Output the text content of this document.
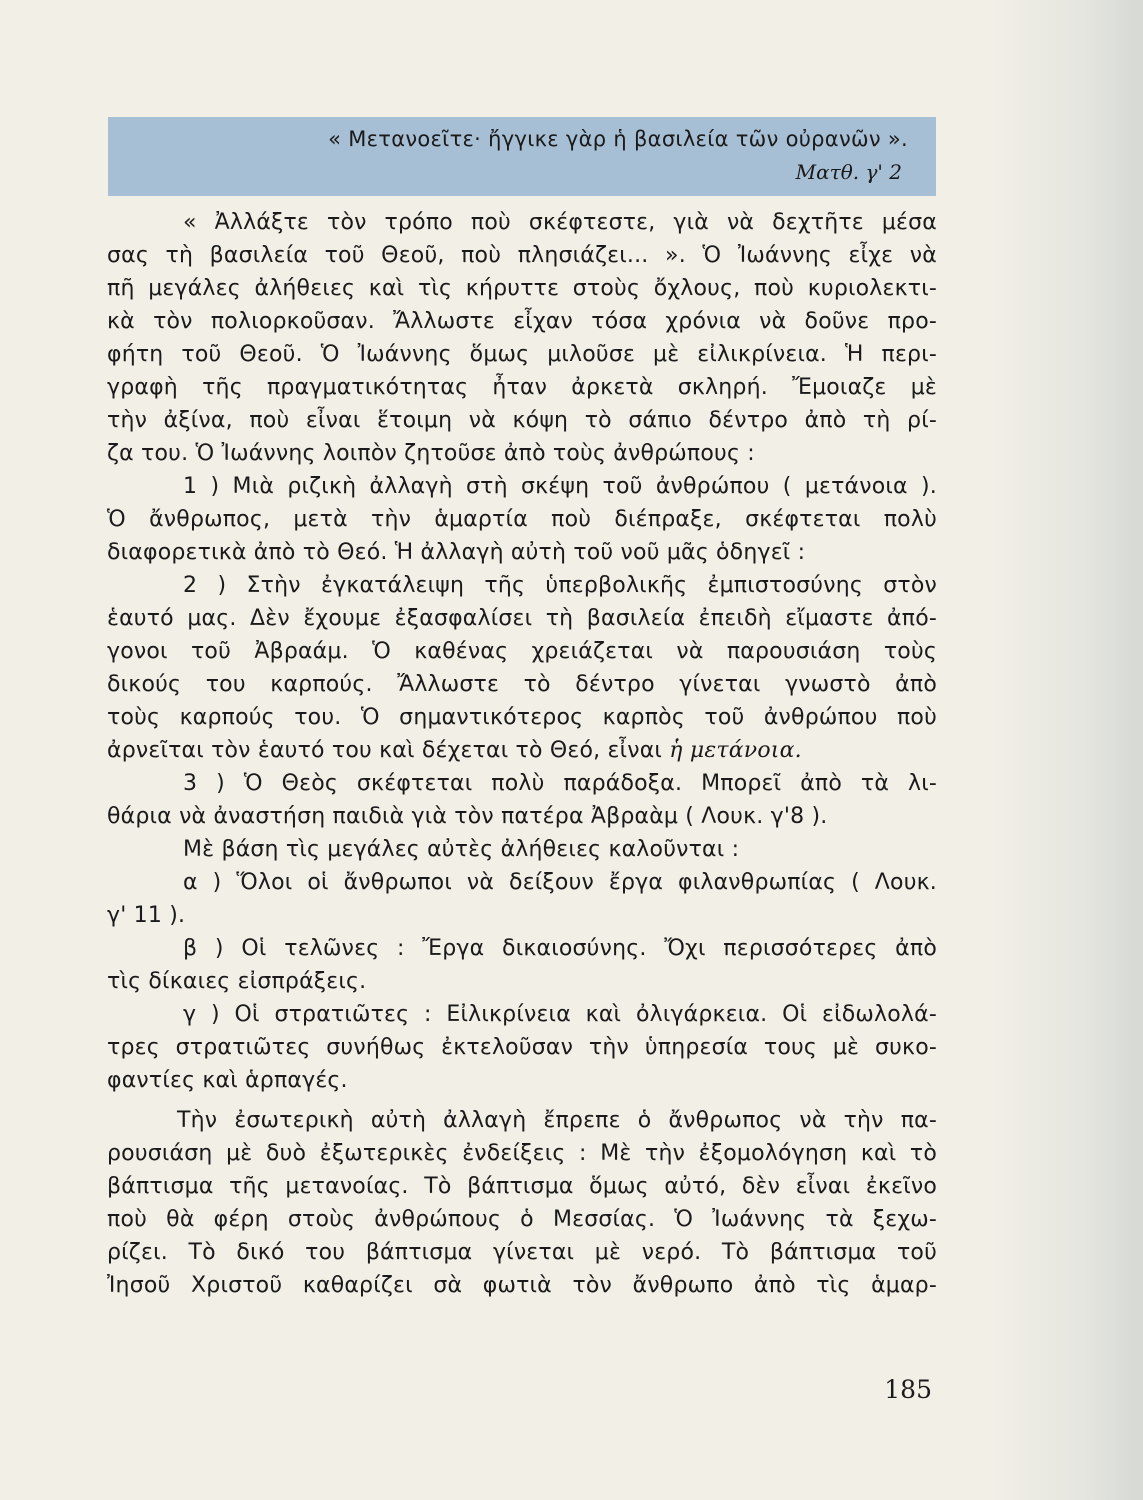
« Μετανοεῖτε· ἤγγικε γὰρ ἡ βασιλεία τῶν οὐρανῶν ».
Ματθ. γ' 2
« Ἀλλάξτε τὸν τρόπο ποὺ σκέφτεστε, γιὰ νὰ δεχτῆτε μέσα
σας τὴ βασιλεία τοῦ Θεοῦ, ποὺ πλησιάζει... ». Ὁ Ἰωάννης εἶχε νὰ
πῆ μεγάλες ἀλήθειες καὶ τὶς κήρυττε στοὺς ὄχλους, ποὺ κυριολεκτι-
κὰ τὸν πολιορκοῦσαν. Ἄλλωστε εἶχαν τόσα χρόνια νὰ δοῦνε προ-
φήτη τοῦ Θεοῦ. Ὁ Ἰωάννης ὅμως μιλοῦσε μὲ εἰλικρίνεια. Ἡ περι-
γραφὴ τῆς πραγματικότητας ἦταν ἀρκετὰ σκληρή. Ἔμοιαζε μὲ
τὴν ἀξίνα, ποὺ εἶναι ἕτοιμη νὰ κόψη τὸ σάπιο δέντρο ἀπὸ τὴ ρί-
ζα του. Ὁ Ἰωάννης λοιπὸν ζητοῦσε ἀπὸ τοὺς ἀνθρώπους :
1 ) Μιὰ ριζικὴ ἀλλαγὴ στὴ σκέψη τοῦ ἀνθρώπου ( μετάνοια ).
Ὁ ἄνθρωπος, μετὰ τὴν ἁμαρτία ποὺ διέπραξε, σκέφτεται πολὺ
διαφορετικὰ ἀπὸ τὸ Θεό. Ἡ ἀλλαγὴ αὐτὴ τοῦ νοῦ μᾶς ὁδηγεῖ :
2 ) Στὴν ἐγκατάλειψη τῆς ὑπερβολικῆς ἐμπιστοσύνης στὸν
ἑαυτό μας. Δὲν ἔχουμε ἐξασφαλίσει τὴ βασιλεία ἐπειδὴ εἴμαστε ἀπό-
γονοι τοῦ Ἀβραάμ. Ὁ καθένας χρειάζεται νὰ παρουσιάση τοὺς
δικούς του καρπούς. Ἄλλωστε τὸ δέντρο γίνεται γνωστὸ ἀπὸ
τοὺς καρπούς του. Ὁ σημαντικότερος καρπὸς τοῦ ἀνθρώπου ποὺ
ἀρνεῖται τὸν ἑαυτό του καὶ δέχεται τὸ Θεό, εἶναι ἡ μετάνοια.
3 ) Ὁ Θεὸς σκέφτεται πολὺ παράδοξα. Μπορεῖ ἀπὸ τὰ λι-
θάρια νὰ ἀναστήση παιδιὰ γιὰ τὸν πατέρα Ἀβραὰμ ( Λουκ. γ'8 ).
Μὲ βάση τὶς μεγάλες αὐτὲς ἀλήθειες καλοῦνται :
α ) Ὅλοι οἱ ἄνθρωποι νὰ δείξουν ἔργα φιλανθρωπίας ( Λουκ.
γ' 11 ).
β ) Οἱ τελῶνες : Ἔργα δικαιοσύνης. Ὄχι περισσότερες ἀπὸ
τὶς δίκαιες εἰσπράξεις.
γ ) Οἱ στρατιῶτες : Εἰλικρίνεια καὶ ὀλιγάρκεια. Οἱ εἰδωλολά-
τρες στρατιῶτες συνήθως ἐκτελοῦσαν τὴν ὑπηρεσία τους μὲ συκο-
φαντίες καὶ ἁρπαγές.
Τὴν ἐσωτερικὴ αὐτὴ ἀλλαγὴ ἔπρεπε ὁ ἄνθρωπος νὰ τὴν πα-
ρουσιάση μὲ δυὸ ἐξωτερικὲς ἐνδείξεις : Μὲ τὴν ἐξομολόγηση καὶ τὸ
βάπτισμα τῆς μετανοίας. Τὸ βάπτισμα ὅμως αὐτό, δὲν εἶναι ἐκεῖνο
ποὺ θὰ φέρη στοὺς ἀνθρώπους ὁ Μεσσίας. Ὁ Ἰωάννης τὰ ξεχω-
ρίζει. Τὸ δικό του βάπτισμα γίνεται μὲ νερό. Τὸ βάπτισμα τοῦ
Ἰησοῦ Χριστοῦ καθαρίζει σὰ φωτιὰ τὸν ἄνθρωπο ἀπὸ τὶς ἁμαρ-
185
